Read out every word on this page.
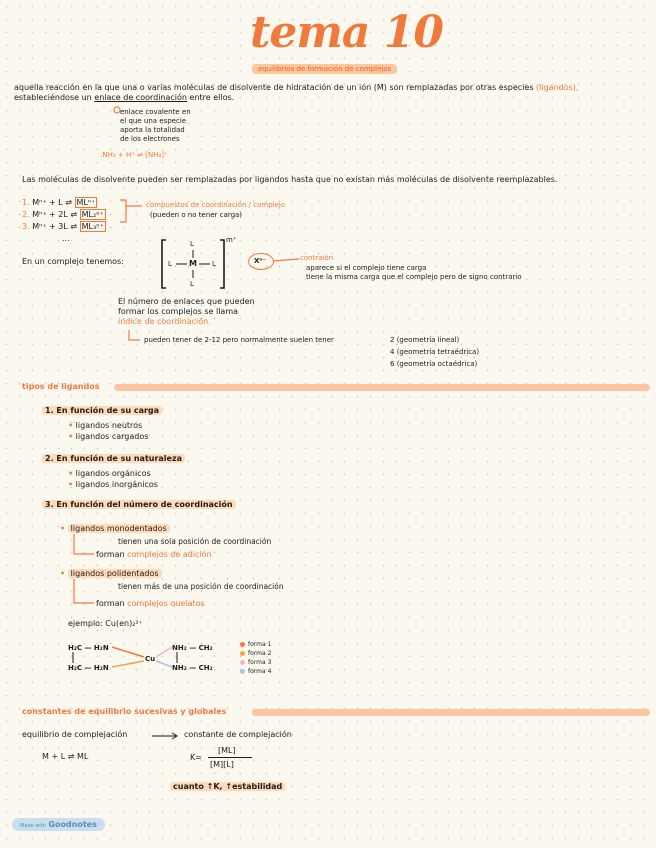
tema 10
equilibrios de formación de complejos
aquella reacción en la que una o varias moléculas de disolvente de hidratación de un ión (M) son remplazadas por otras especies (ligandos),
estableciéndose un enlace de coordinación entre ellos.
enlace covalente en
el que una especie
aporta la totalidad
de los electrones
:NH₃ + H⁺ ⇌ [NH₄]⁺
Las moléculas de disolvente pueden ser remplazadas por ligandos hasta que no existan más moléculas de disolvente reemplazables.
1. Mⁿ⁺ + L ⇌ MLⁿ⁺
2. Mⁿ⁺ + 2L ⇌ ML₂ⁿ⁺
3. Mⁿ⁺ + 3L ⇌ ML₃ⁿ⁺
...
compuestos de coordinación / complejo
(pueden o no tener carga)
En un complejo tenemos:	M
L
L
L	L
m⁺
Xⁿ⁻	contraión
aparece si el complejo tiene carga
tiene la misma carga que el complejo pero de signo contrario
El número de enlaces que pueden
formar los complejos se llama
índice de coordinación.
pueden tener de 2-12 pero normalmente suelen tener	2 (geometría lineal)
4 (geometría tetraédrica)
6 (geometría octaédrica)
tipos de ligandos
1. En función de su carga
• ligandos neutros
• ligandos cargados
2. En función de su naturaleza
• ligandos orgánicos
• ligandos inorgánicos
3. En función del número de coordinación
• ligandos monodentados
tienen una sola posición de coordinación
forman complejos de adición
• ligandos polidentados
tienen más de una posición de coordinación
forman complejos quelatos
ejemplo: Cu(en)₂²⁺
H₂C — H₂N
H₂C — H₂N
Cu
NH₂ — CH₂
NH₂ — CH₂
forma 1
forma 2
forma 3
forma 4
constantes de equilibrio sucesivas y globales
equilibrio de complejación → constante de complejación
M + L ⇌ ML	K=
[ML]
[M][L]
cuanto ↑K, ↑estabilidad
Made with Goodnotes
